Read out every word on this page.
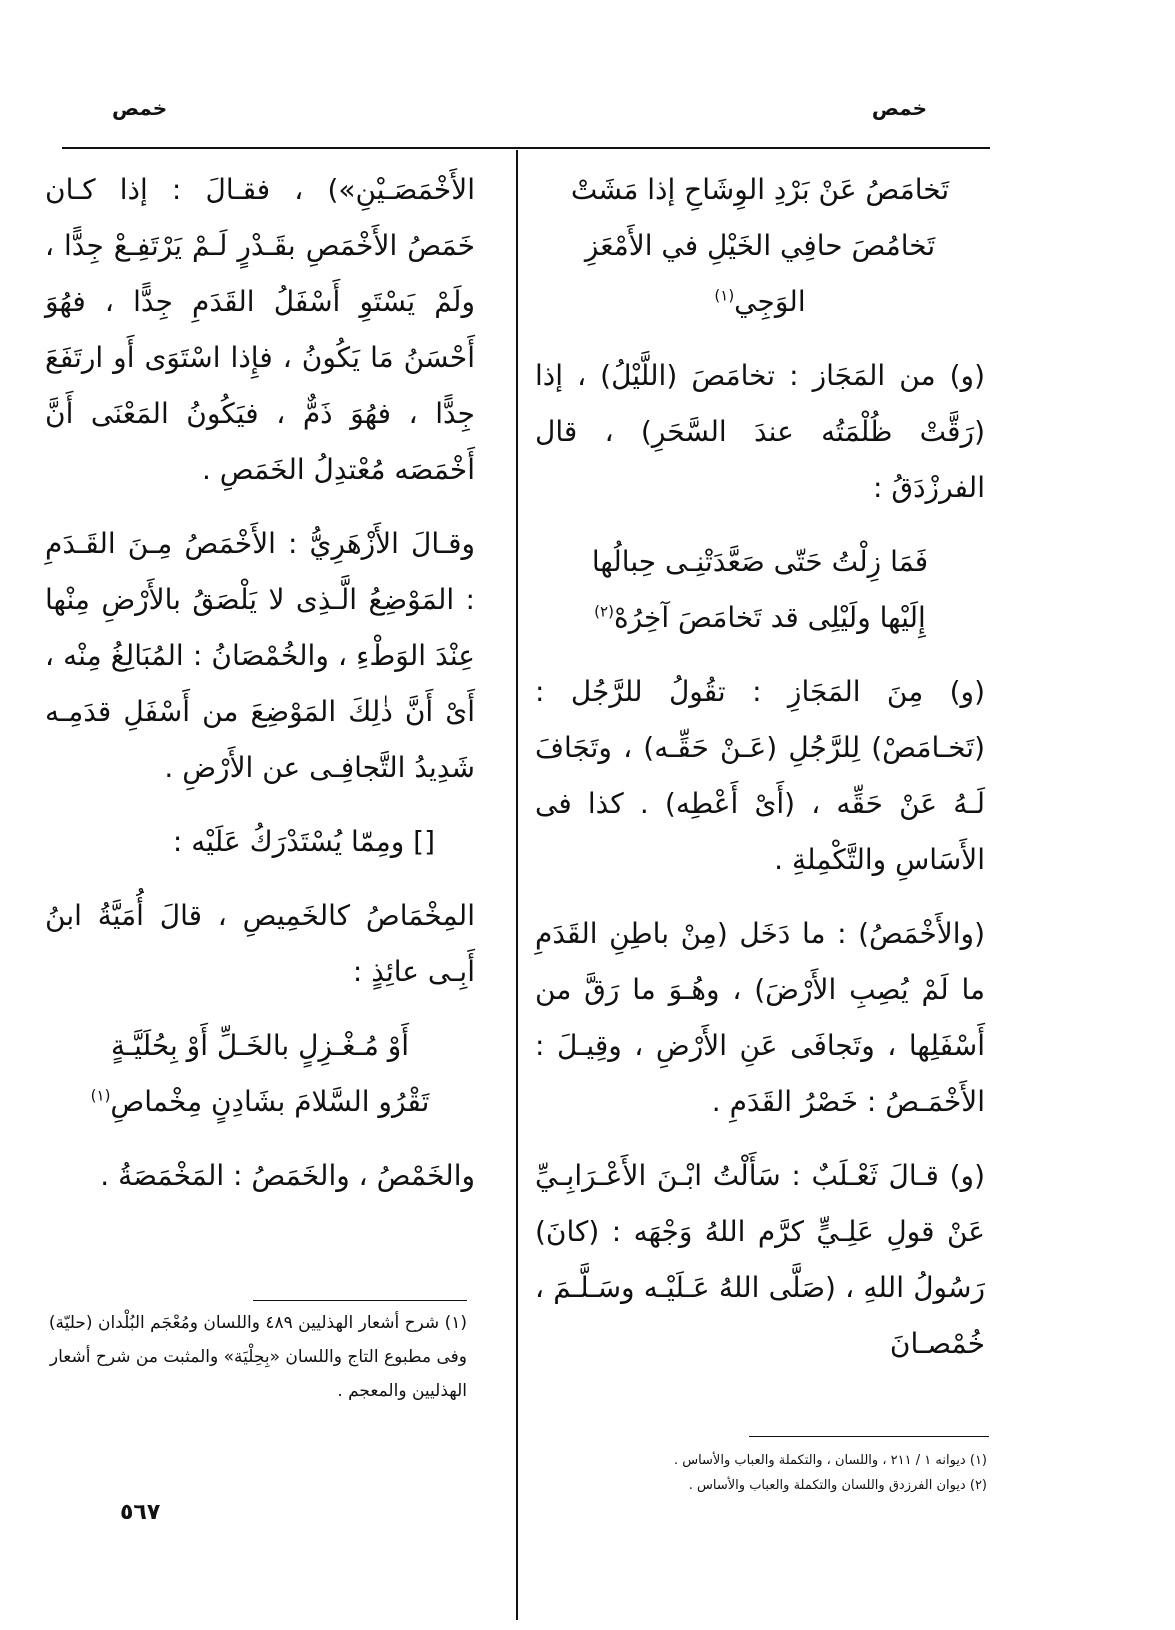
خمص
خمص
تَخامَصُ عَنْ بَرْدِ الوِشَاحِ إذا مَشَتْ
تَخامُصَ حافِي الخَيْلِ في الأَمْعَزِ الوَجِي$^{(١)}$

(و) من المَجَاز : تخامَصَ (اللَّيْلُ) ، إذا (رَقَّتْ ظُلْمَتُه عندَ السَّحَرِ) ، قال الفرزْدَقُ :

فَمَا زِلْتُ حَتّى صَعَّدَتْنِـى حِبالُها
إِلَيْها ولَيْلِى قد تَخامَصَ آخِرُهْ$^{(٢)}$

(و) مِنَ المَجَازِ : تقُولُ للرَّجُل : (تَخـامَصْ) لِلرَّجُلِ (عَـنْ حَقِّـه) ، وتَجَافَ لَـهُ عَنْ حَقِّه ، (أَىْ أَعْطِه) . كذا فى الأَسَاسِ والتَّكْمِلةِ .

(والأَخْمَصُ) : ما دَخَل (مِنْ باطِنِ القَدَمِ ما لَمْ يُصِبِ الأَرْضَ) ، وهُـوَ ما رَقَّ من أَسْفَلِها ، وتَجافَى عَنِ الأَرْضِ ، وقِيـلَ : الأَخْمَـصُ : خَصْرُ القَدَمِ .

(و) قـالَ ثَعْـلَبٌ : سَأَلْتُ ابْـنَ الأَعْـرَابِـيِّ عَنْ قولِ عَلِـيٍّ كرَّم اللهُ وَجْهَه : (كانَ) رَسُولُ اللهِ ، (صَلَّى اللهُ عَـلَيْـه وسَـلَّـمَ ، خُمْصـانَ

الأَخْمَصَـيْنِ») ، فقـالَ : إذا كـان خَمَصُ الأَخْمَصِ بقَـدْرٍ لَـمْ يَرْتَفِـعْ جِدًّا ، ولَمْ يَسْتَوِ أَسْفَلُ القَدَمِ جِدًّا ، فهُوَ أَحْسَنُ مَا يَكُونُ ، فإِذا اسْتَوَى أَو ارتَفَعَ جِدًّا ، فهُوَ ذَمٌّ ، فيَكُونُ المَعْنَى أَنَّ أَخْمَصَه مُعْتدِلُ الخَمَصِ .

وقـالَ الأَزْهَرِيُّ : الأَخْمَصُ مِـنَ القَـدَمِ : المَوْضِعُ الَّـذِى لا يَلْصَقُ بالأَرْضِ مِنْها عِنْدَ الوَطْءِ ، والخُمْصَانُ : المُبَالِغُ مِنْه ، أَىْ أَنَّ ذٰلِكَ المَوْضِعَ من أَسْفَلِ قدَمِـه شَدِيدُ التَّجافِـى عن الأَرْضِ .

[] ومِمّا يُسْتَدْرَكُ عَلَيْه :

المِخْمَاصُ كالخَمِيصِ ، قالَ أُمَيَّةُ ابنُ أَبِـى عائِذٍ :

أَوْ مُـغْـزِلٍ بالخَـلِّ أَوْ بِحُلَيَّـةٍ
تَقْرُو السَّلامَ بشَادِنٍ مِخْماصِ$^{(١)}$

والخَمْصُ ، والخَمَصُ : المَخْمَصَةُ .

(١) ديوانه ١ / ٢١١ ، واللسان ، والتكملة والعباب والأساس .

(٢) ديوان الفرزدق واللسان والتكملة والعباب والأساس .

(١) شرح أشعار الهذليين ٤٨٩ واللسان ومُعْجَم البُلْدان (حليّة) وفى مطبوع التاج واللسان «بِحِلْيَة» والمثبت من شرح أشعار الهذليين والمعجم .

٥٦٧
